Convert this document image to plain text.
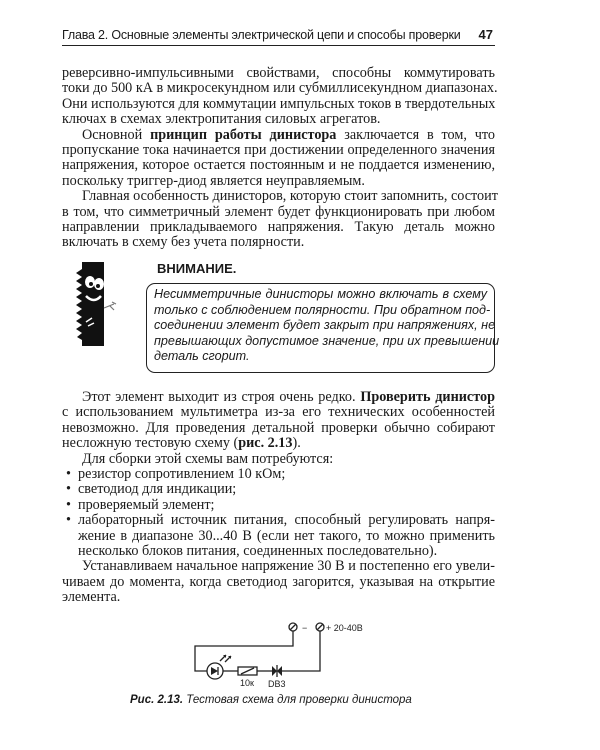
Глава 2. Основные элементы электрической цепи и способы проверки 47
реверсивно-импульсивными свойствами, способны коммутировать
токи до 500 кА в микросекундном или субмиллисекундном диапазонах.
Они используются для коммутации импульсных токов в твердотельных
ключах в схемах электропитания силовых агрегатов.
Основной принцип работы динистора заключается в том, что
пропускание тока начинается при достижении определенного значения
напряжения, которое остается постоянным и не поддается изменению,
поскольку триггер-диод является неуправляемым.
Главная особенность динисторов, которую стоит запомнить, состоит
в том, что симметричный элемент будет функционировать при любом
направлении прикладываемого напряжения. Такую деталь можно
включать в схему без учета полярности.
ВНИМАНИЕ.
Несимметричные динисторы можно включать в схему
только с соблюдением полярности. При обратном под-
соединении элемент будет закрыт при напряжениях, не
превышающих допустимое значение, при их превышении
деталь сгорит.
Этот элемент выходит из строя очень редко. Проверить динистор
с использованием мультиметра из-за его технических особенностей
невозможно. Для проведения детальной проверки обычно собирают
несложную тестовую схему (рис. 2.13).
Для сборки этой схемы вам потребуются:
• резистор сопротивлением 10 кОм;
• светодиод для индикации;
• проверяемый элемент;
• лабораторный источник питания, способный регулировать напря-
жение в диапазоне 30...40 В (если нет такого, то можно применить
несколько блоков питания, соединенных последовательно).
Устанавливаем начальное напряжение 30 В и постепенно его увели-
чиваем до момента, когда светодиод загорится, указывая на открытие
элемента.
− + 20-40В
10к DB3
Рис. 2.13. Тестовая схема для проверки динистора
